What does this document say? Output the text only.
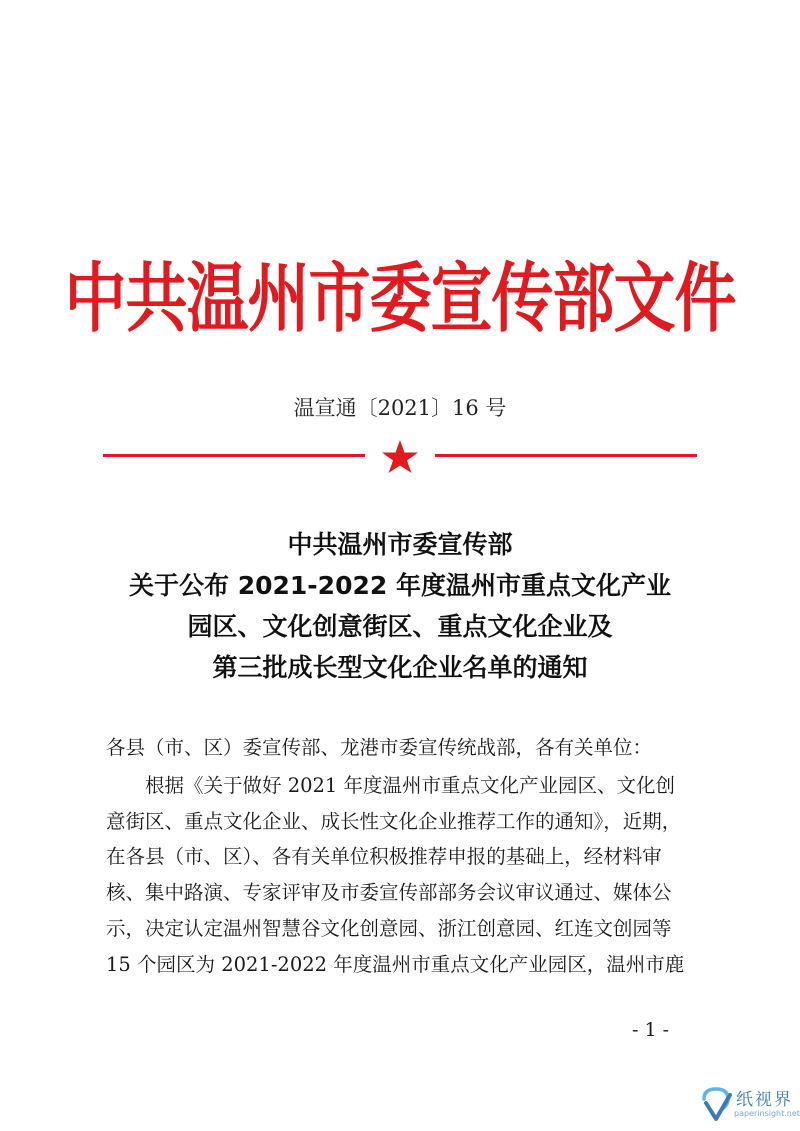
中共温州市委宣传部文件
温宣通〔2021〕16 号
中共温州市委宣传部
关于公布 2021-2022 年度温州市重点文化产业
园区、文化创意街区、重点文化企业及
第三批成长型文化企业名单的通知
各县（市、区）委宣传部、龙港市委宣传统战部，各有关单位：
根据《关于做好 2021 年度温州市重点文化产业园区、文化创
意街区、重点文化企业、成长性文化企业推荐工作的通知》，近期，
在各县（市、区）、各有关单位积极推荐申报的基础上，经材料审
核、集中路演、专家评审及市委宣传部部务会议审议通过、媒体公
示，决定认定温州智慧谷文化创意园、浙江创意园、红连文创园等
15 个园区为 2021-2022 年度温州市重点文化产业园区，温州市鹿
- 1 -
纸视界
paperinsight.net
